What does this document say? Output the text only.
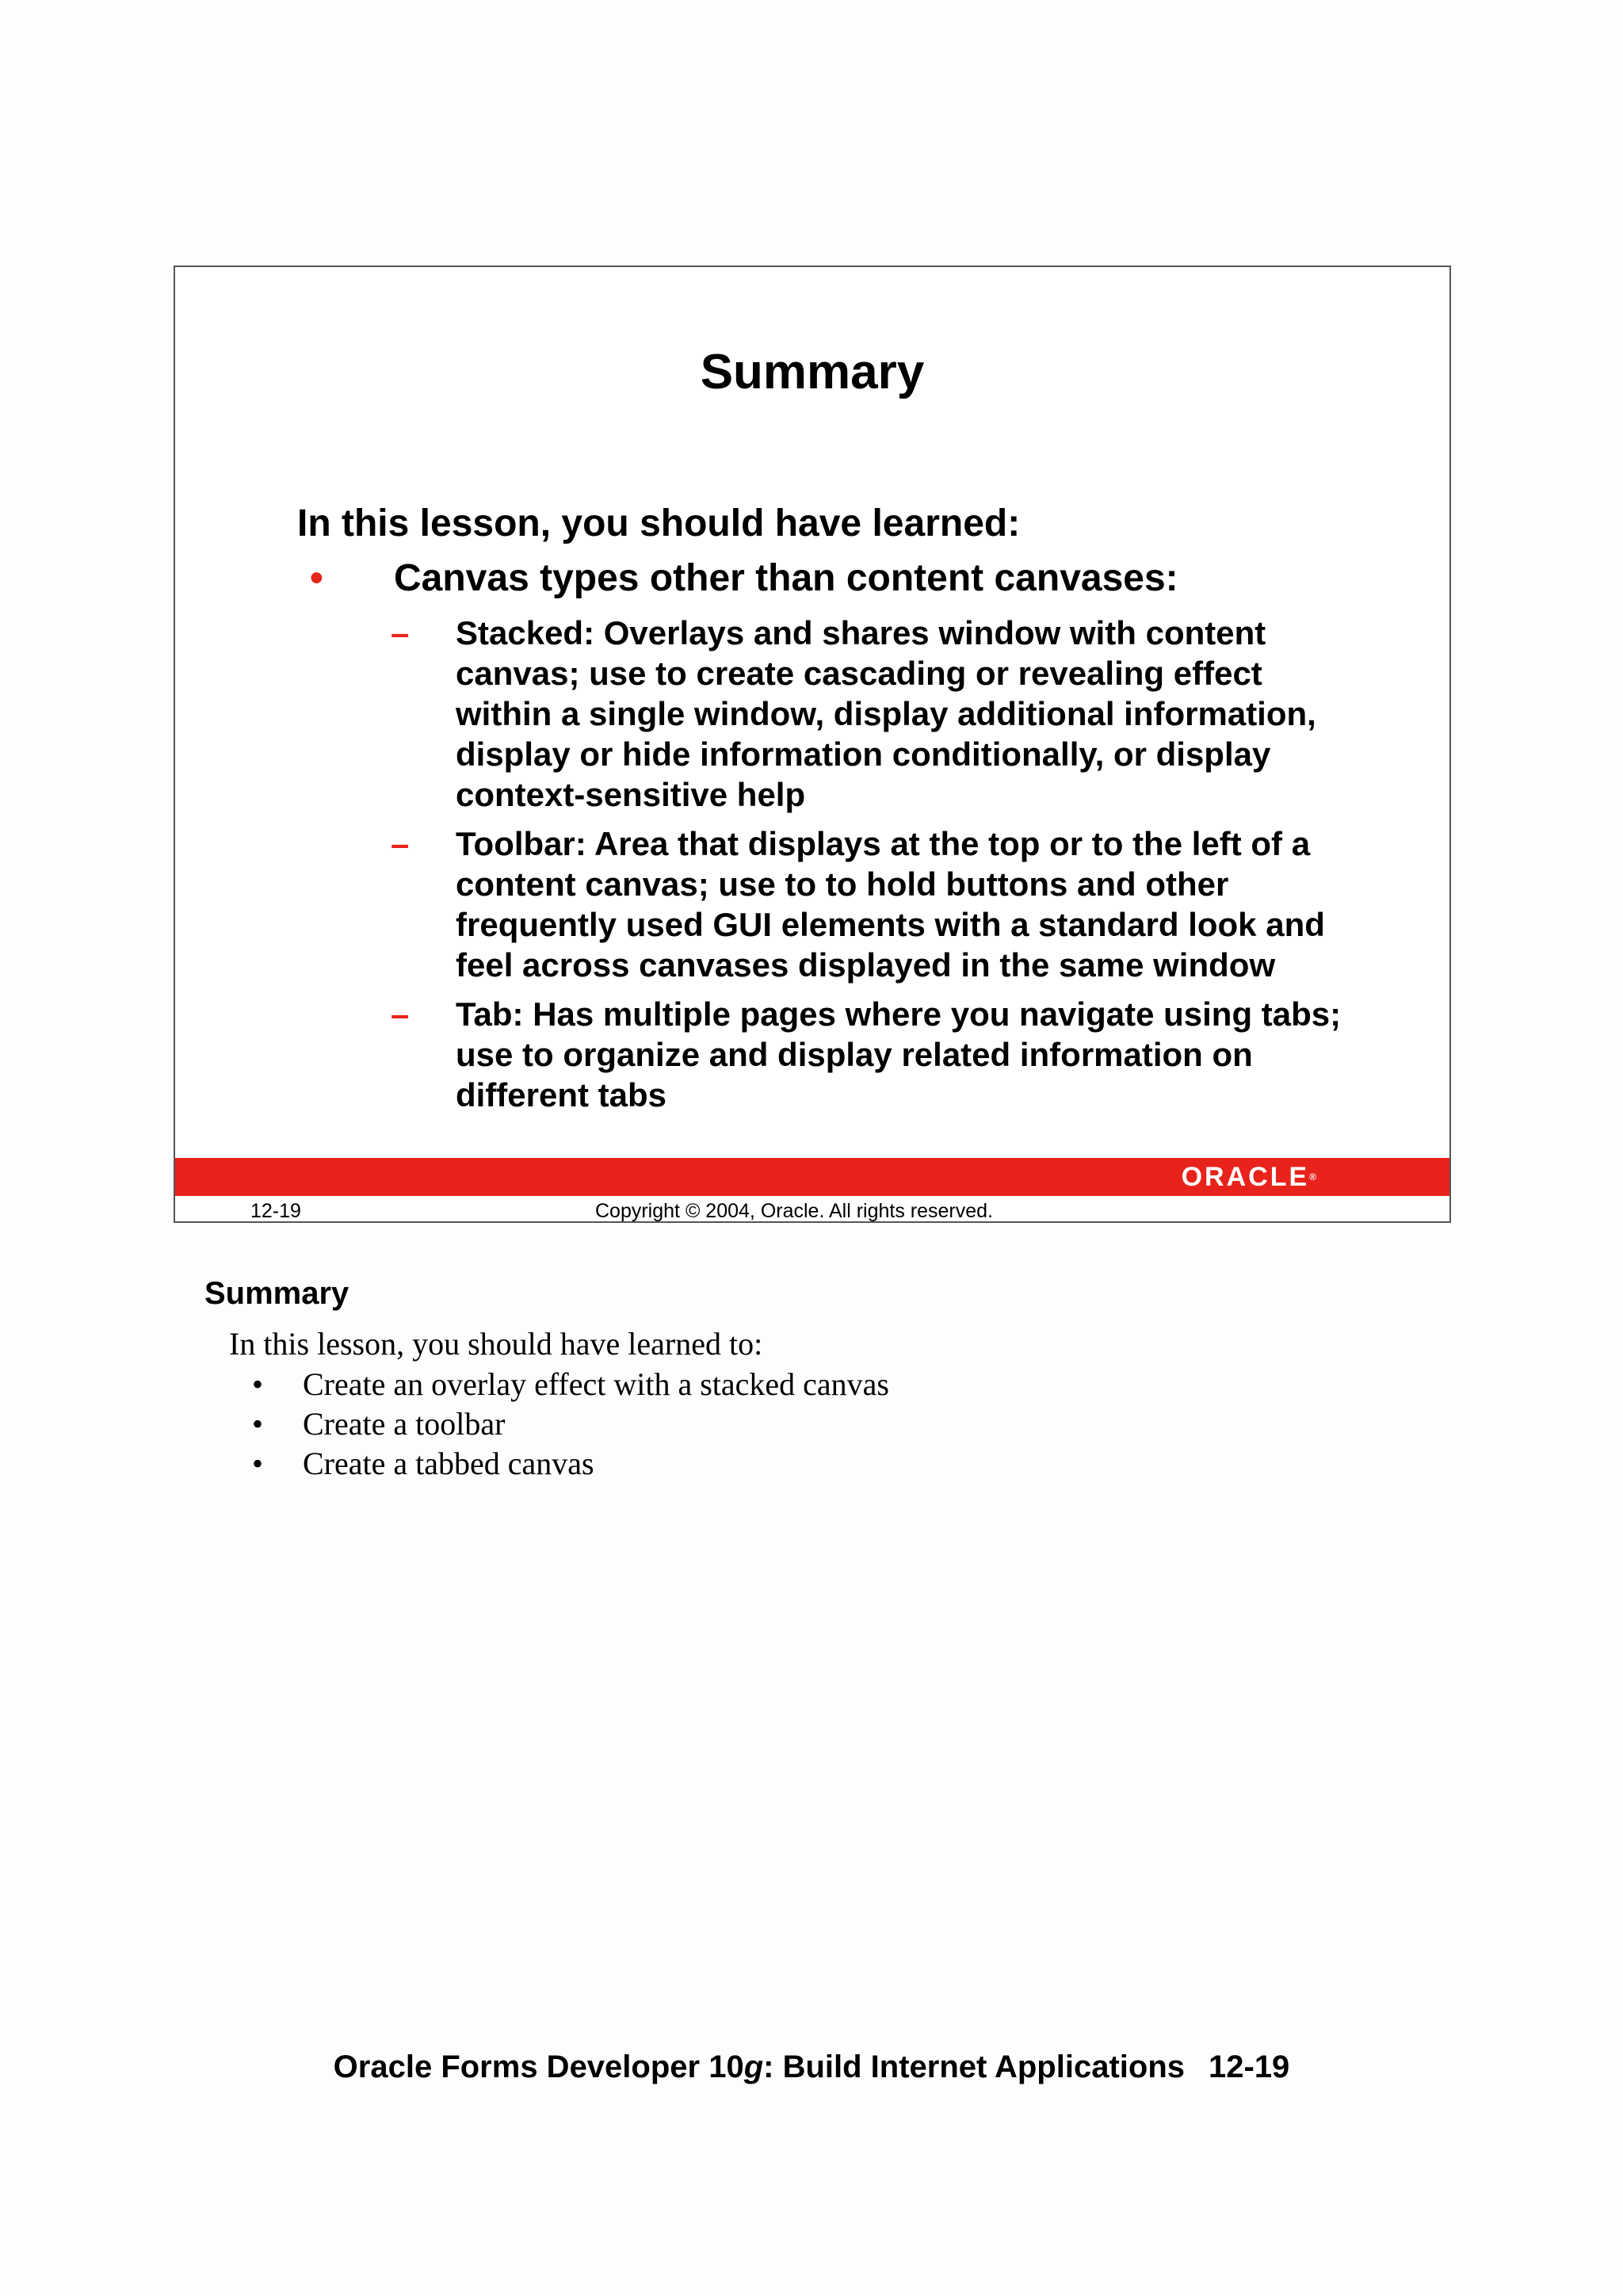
Summary

In this lesson, you should have learned:

•	Canvas types other than content canvases:
– Stacked: Overlays and shares window with content canvas; use to create cascading or revealing effect within a single window, display additional information, display or hide information conditionally, or display context-sensitive help
– Toolbar: Area that displays at the top or to the left of a content canvas; use to to hold buttons and other frequently used GUI elements with a standard look and feel across canvases displayed in the same window
– Tab: Has multiple pages where you navigate using tabs; use to organize and display related information on different tabs
ORACLE®
12-19	Copyright © 2004, Oracle. All rights reserved.
Summary

In this lesson, you should have learned to:

• Create an overlay effect with a stacked canvas
• Create a toolbar
• Create a tabbed canvas
Oracle Forms Developer 10g: Build Internet Applications 12-19
